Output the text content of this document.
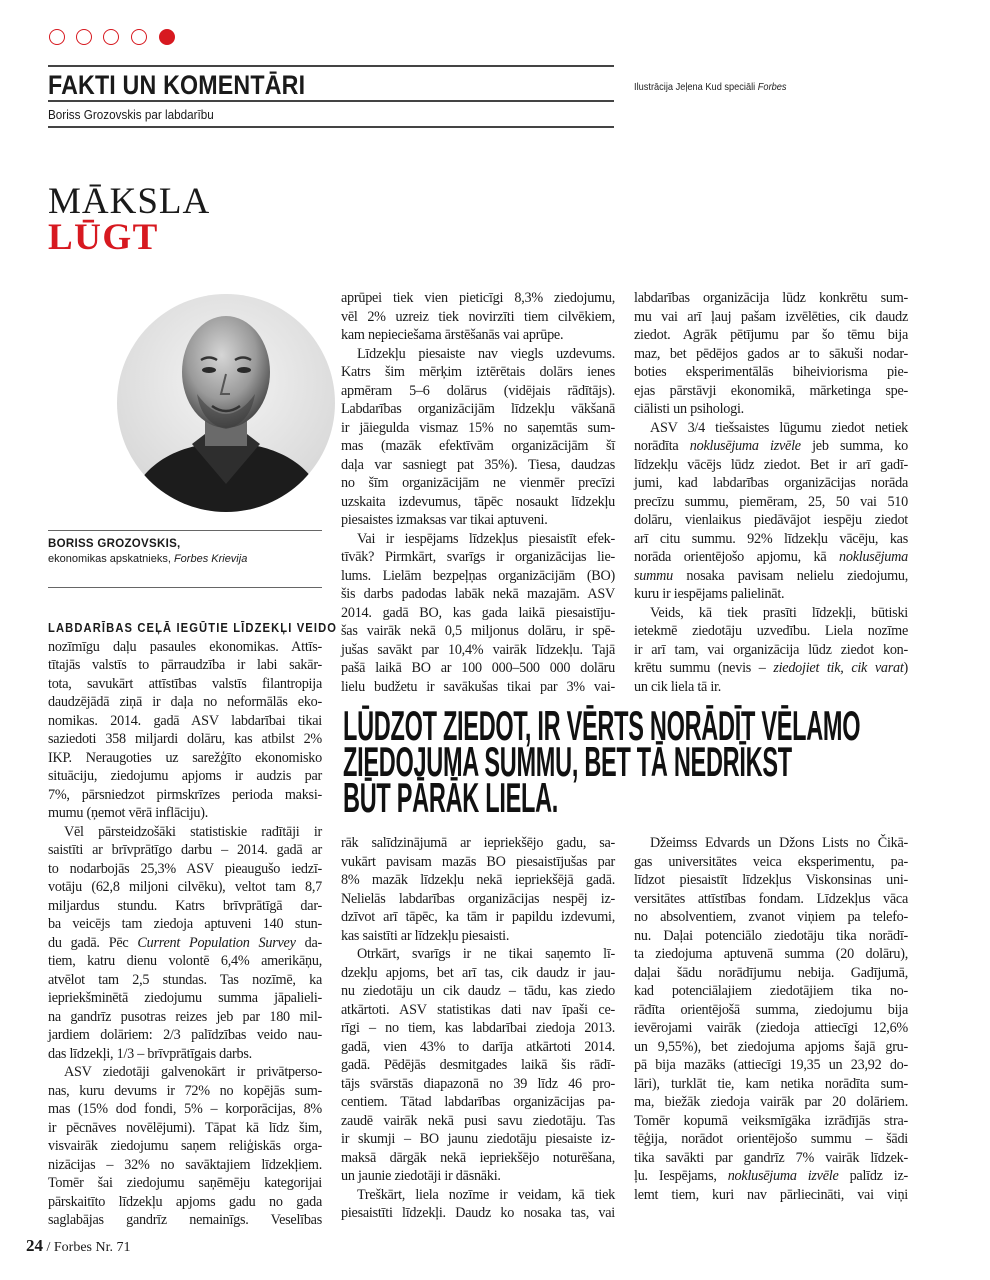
FAKTI UN KOMENTĀRI
Boriss Grozovskis par labdarību
Ilustrācija Jeļena Kud speciāli Forbes
MĀKSLA
LŪGT
BORISS GROZOVSKIS,
ekonomikas apskatnieks, Forbes Krievija
LABDARĪBAS CEĻĀ IEGŪTIE LĪDZEKĻI VEIDO
nozīmīgu daļu pasaules ekonomikas. Attīs-
tītajās valstīs to pārraudzība ir labi sakār-
tota, savukārt attīstības valstīs filantropija
daudzējādā ziņā ir daļa no neformālās eko-
nomikas. 2014. gadā ASV labdarībai tikai
saziedoti 358 miljardi dolāru, kas atbilst 2%
IKP. Neraugoties uz sarežģīto ekonomisko
situāciju, ziedojumu apjoms ir audzis par
7%, pārsniedzot pirmskrīzes perioda maksi-
mumu (ņemot vērā inflāciju).
Vēl pārsteidzošāki statistiskie radītāji ir
saistīti ar brīvprātīgo darbu – 2014. gadā ar
to nodarbojās 25,3% ASV pieaugušo iedzī-
votāju (62,8 miljoni cilvēku), veltot tam 8,7
miljardus stundu. Katrs brīvprātīgā dar-
ba veicējs tam ziedoja aptuveni 140 stun-
du gadā. Pēc Current Population Survey da-
tiem, katru dienu volontē 6,4% amerikāņu,
atvēlot tam 2,5 stundas. Tas nozīmē, ka
iepriekšminētā ziedojumu summa jāpalieli-
na gandrīz pusotras reizes jeb par 180 mil-
jardiem dolāriem: 2/3 palīdzības veido nau-
das līdzekļi, 1/3 – brīvprātīgais darbs.
ASV ziedotāji galvenokārt ir privātperso-
nas, kuru devums ir 72% no kopējās sum-
mas (15% dod fondi, 5% – korporācijas, 8%
ir pēcnāves novēlējumi). Tāpat kā līdz šim,
visvairāk ziedojumu saņem reliģiskās orga-
nizācijas – 32% no savāktajiem līdzekļiem.
Tomēr šai ziedojumu saņēmēju kategorijai
pārskaitīto līdzekļu apjoms gadu no gada
saglabājas gandrīz nemainīgs. Veselības
aprūpei tiek vien pieticīgi 8,3% ziedojumu,
vēl 2% uzreiz tiek novirzīti tiem cilvēkiem,
kam nepieciešama ārstēšanās vai aprūpe.
Līdzekļu piesaiste nav viegls uzdevums.
Katrs šim mērķim iztērētais dolārs ienes
apmēram 5–6 dolārus (vidējais rādītājs).
Labdarības organizācijām līdzekļu vākšanā
ir jāiegulda vismaz 15% no saņemtās sum-
mas (mazāk efektīvām organizācijām šī
daļa var sasniegt pat 35%). Tiesa, daudzas
no šīm organizācijām ne vienmēr precīzi
uzskaita izdevumus, tāpēc nosaukt līdzekļu
piesaistes izmaksas var tikai aptuveni.
Vai ir iespējams līdzekļus piesaistīt efek-
tīvāk? Pirmkārt, svarīgs ir organizācijas lie-
lums. Lielām bezpeļņas organizācijām (BO)
šis darbs padodas labāk nekā mazajām. ASV
2014. gadā BO, kas gada laikā piesaistīju-
šas vairāk nekā 0,5 miljonus dolāru, ir spē-
jušas savākt par 10,4% vairāk līdzekļu. Tajā
pašā laikā BO ar 100 000–500 000 dolāru
lielu budžetu ir savākušas tikai par 3% vai-
labdarības organizācija lūdz konkrētu sum-
mu vai arī ļauj pašam izvēlēties, cik daudz
ziedot. Agrāk pētījumu par šo tēmu bija
maz, bet pēdējos gados ar to sākuši nodar-
boties eksperimentālās biheiviorisma pie-
ejas pārstāvji ekonomikā, mārketinga spe-
ciālisti un psihologi.
ASV 3/4 tiešsaistes lūgumu ziedot netiek
norādīta noklusējuma izvēle jeb summa, ko
līdzekļu vācējs lūdz ziedot. Bet ir arī gadī-
jumi, kad labdarības organizācijas norāda
precīzu summu, piemēram, 25, 50 vai 510
dolāru, vienlaikus piedāvājot iespēju ziedot
arī citu summu. 92% līdzekļu vācēju, kas
norāda orientējošo apjomu, kā noklusējuma
summu nosaka pavisam nelielu ziedojumu,
kuru ir iespējams palielināt.
Veids, kā tiek prasīti līdzekļi, būtiski
ietekmē ziedotāju uzvedību. Liela nozīme
ir arī tam, vai organizācija lūdz ziedot kon-
krētu summu (nevis – ziedojiet tik, cik varat)
un cik liela tā ir.
LŪDZOT ZIEDOT, IR VĒRTS NORĀDĪT VĒLAMO
ZIEDOJUMA SUMMU, BET TĀ NEDRĪKST
BŪT PĀRĀK LIELA.
rāk salīdzinājumā ar iepriekšējo gadu, sa-
vukārt pavisam mazās BO piesaistījušas par
8% mazāk līdzekļu nekā iepriekšējā gadā.
Nelielās labdarības organizācijas nespēj iz-
dzīvot arī tāpēc, ka tām ir papildu izdevumi,
kas saistīti ar līdzekļu piesaisti.
Otrkārt, svarīgs ir ne tikai saņemto lī-
dzekļu apjoms, bet arī tas, cik daudz ir jau-
nu ziedotāju un cik daudz – tādu, kas ziedo
atkārtoti. ASV statistikas dati nav īpaši ce-
rīgi – no tiem, kas labdarībai ziedoja 2013.
gadā, vien 43% to darīja atkārtoti 2014.
gadā. Pēdējās desmitgades laikā šis rādī-
tājs svārstās diapazonā no 39 līdz 46 pro-
centiem. Tātad labdarības organizācijas pa-
zaudē vairāk nekā pusi savu ziedotāju. Tas
ir skumji – BO jaunu ziedotāju piesaiste iz-
maksā dārgāk nekā iepriekšējo noturēšana,
un jaunie ziedotāji ir dāsnāki.
Treškārt, liela nozīme ir veidam, kā tiek
piesaistīti līdzekļi. Daudz ko nosaka tas, vai
Džeimss Edvards un Džons Lists no Čikā-
gas universitātes veica eksperimentu, pa-
līdzot piesaistīt līdzekļus Viskonsinas uni-
versitātes attīstības fondam. Līdzekļus vāca
no absolventiem, zvanot viņiem pa telefo-
nu. Daļai potenciālo ziedotāju tika norādī-
ta ziedojuma aptuvenā summa (20 dolāru),
daļai šādu norādījumu nebija. Gadījumā,
kad potenciālajiem ziedotājiem tika no-
rādīta orientējošā summa, ziedojumu bija
ievērojami vairāk (ziedoja attiecīgi 12,6%
un 9,55%), bet ziedojuma apjoms šajā gru-
pā bija mazāks (attiecīgi 19,35 un 23,92 do-
lāri), turklāt tie, kam netika norādīta sum-
ma, biežāk ziedoja vairāk par 20 dolāriem.
Tomēr kopumā veiksmīgāka izrādījās stra-
tēģija, norādot orientējošo summu – šādi
tika savākti par gandrīz 7% vairāk līdzek-
ļu. Iespējams, noklusējuma izvēle palīdz iz-
lemt tiem, kuri nav pārliecināti, vai viņi
24 / Forbes Nr. 71
